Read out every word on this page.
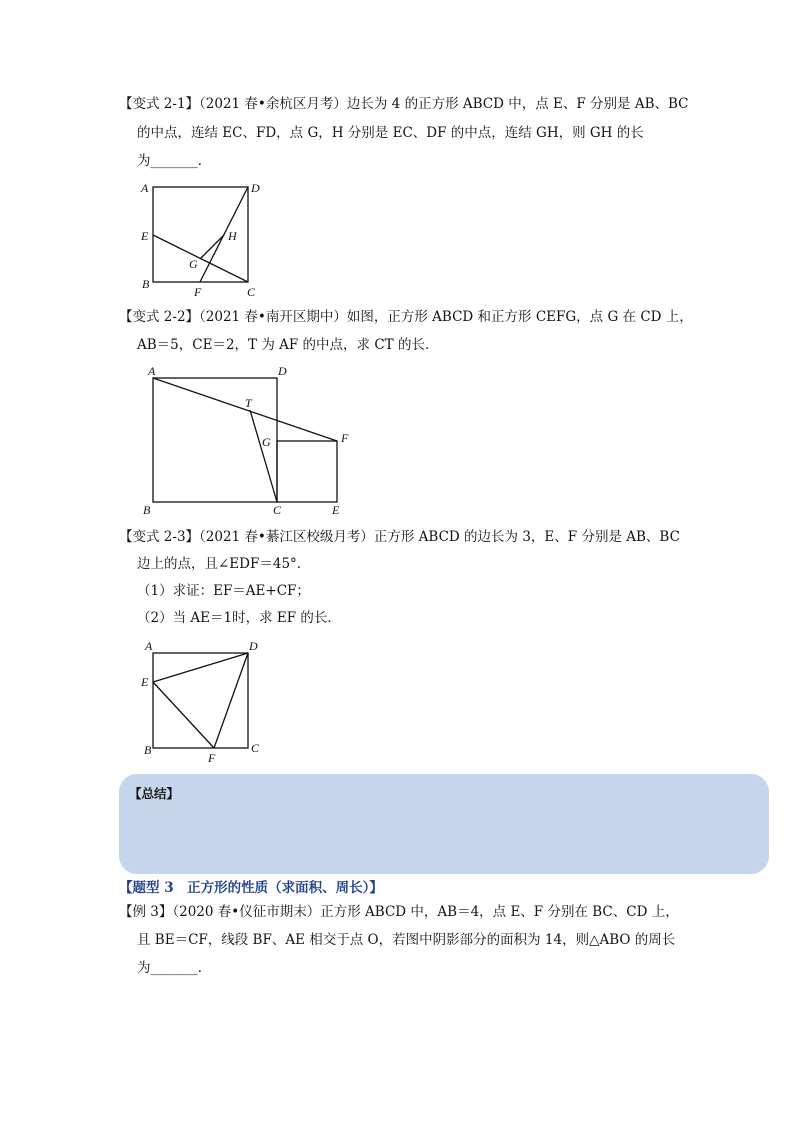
【变式 2-1】（2021 春•余杭区月考）边长为 4 的正方形 ABCD 中，点 E、F 分别是 AB、BC
的中点，连结 EC、FD，点 G，H 分别是 EC、DF 的中点，连结 GH，则 GH 的长
为_______．
A	D
E	H
G
B
F	C
【变式 2-2】（2021 春•南开区期中）如图，正方形 ABCD 和正方形 CEFG，点 G 在 CD 上，
AB＝5，CE＝2，T 为 AF 的中点，求 CT 的长．
A	D
T
F
G
B	C	E
【变式 2-3】（2021 春•綦江区校级月考）正方形 ABCD 的边长为 3，E、F 分别是 AB、BC
边上的点，且∠EDF＝45°．
（1）求证：EF＝AE+CF；
（2）当 AE＝1时，求 EF 的长．
A	D
E
B	C
F
【总结】
【题型 3　正方形的性质（求面积、周长）】
【例 3】（2020 春•仪征市期末）正方形 ABCD 中，AB＝4，点 E、F 分别在 BC、CD 上，
且 BE＝CF，线段 BF、AE 相交于点 O，若图中阴影部分的面积为 14，则△ABO 的周长
为_______．
